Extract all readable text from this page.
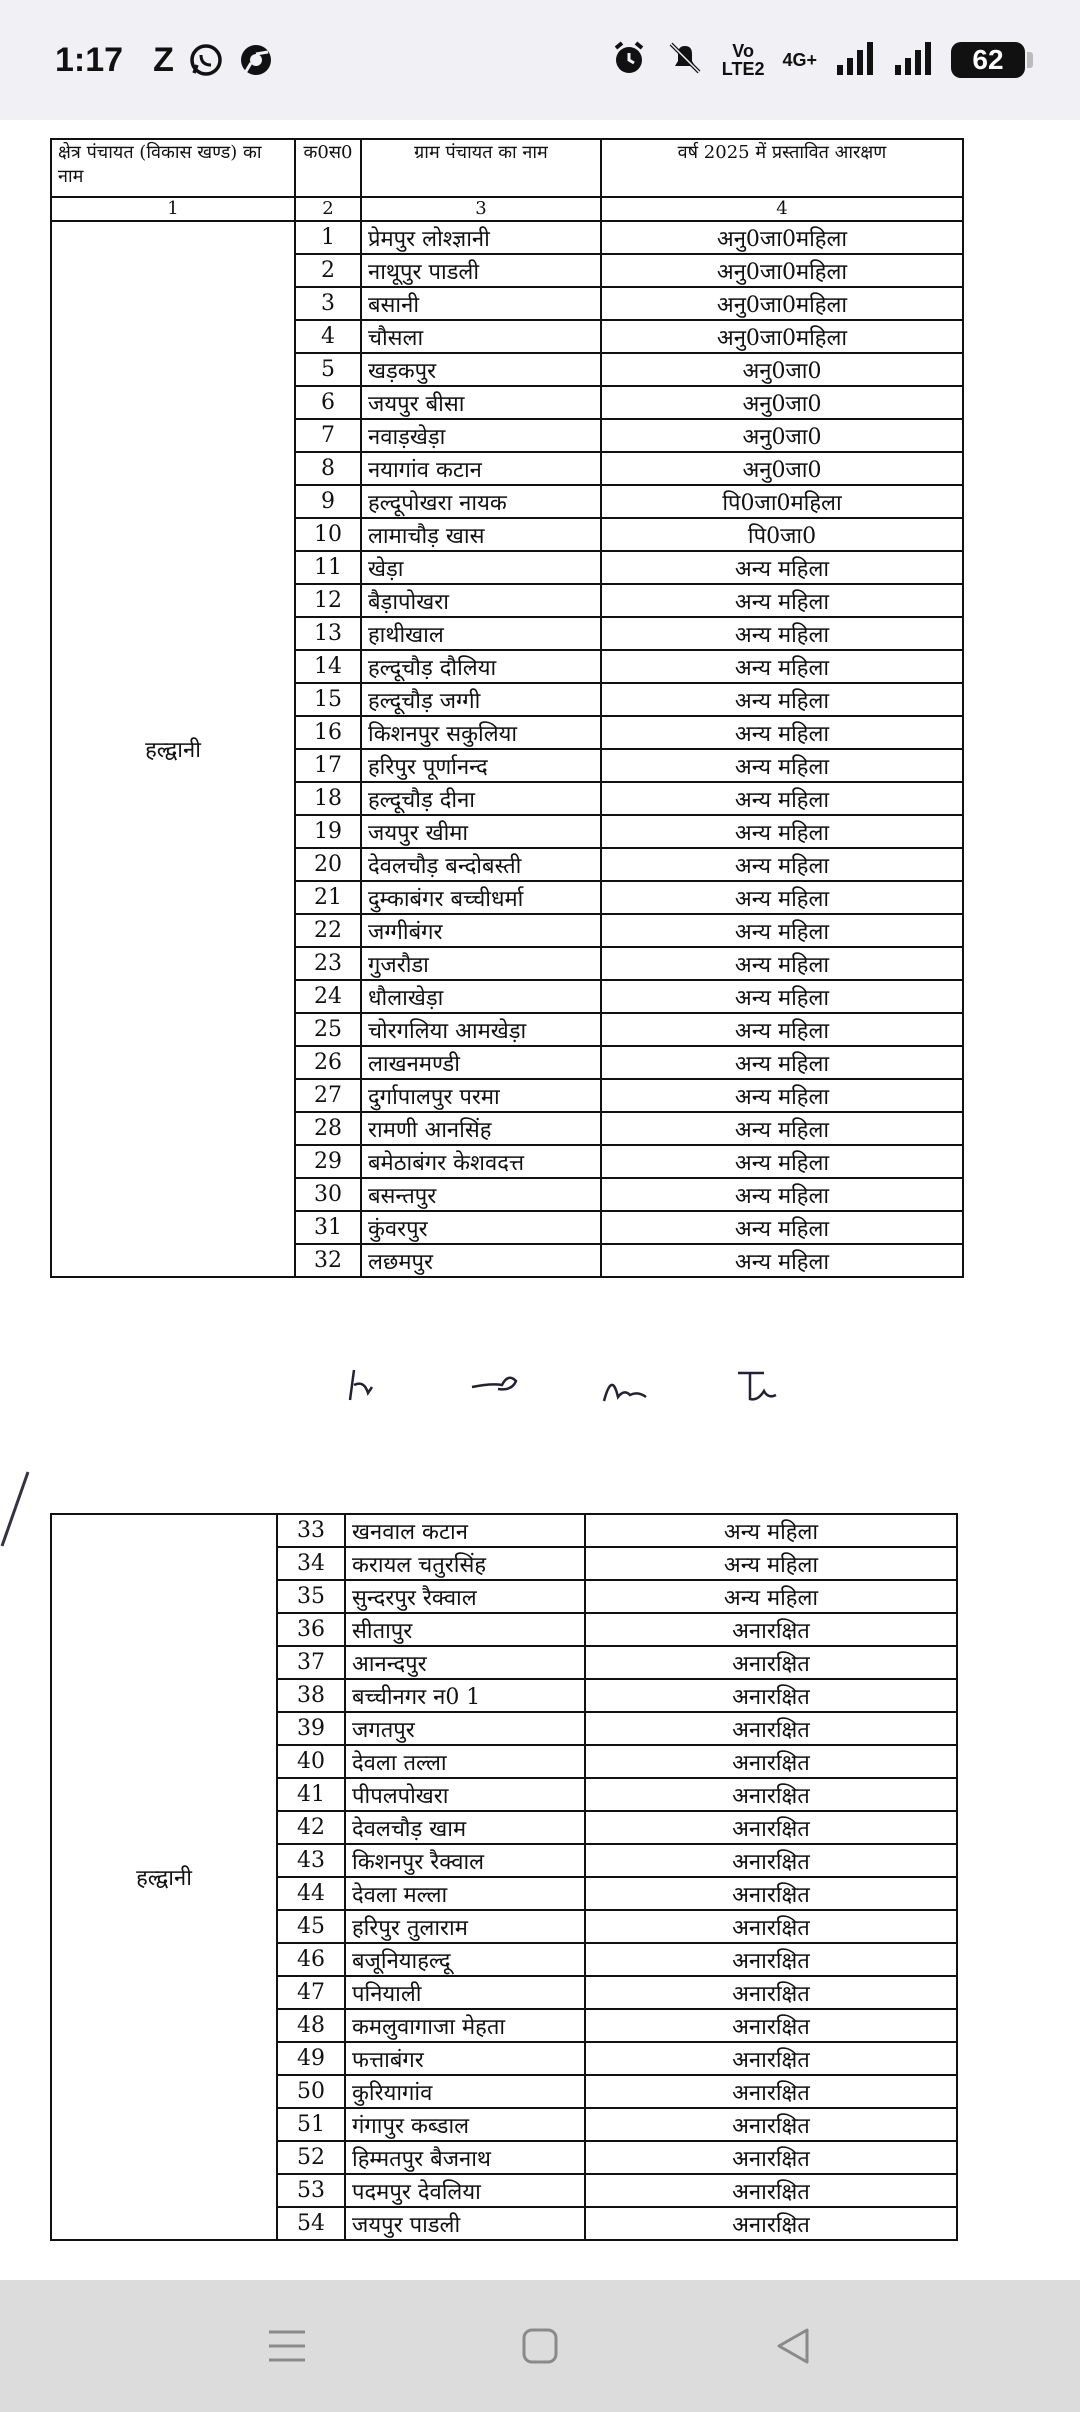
1:17 Z	Vo
LTE2 4G+	62
क्षेत्र पंचायत (विकास खण्ड) का नाम	क0स0	ग्राम पंचायत का नाम	वर्ष 2025 में प्रस्तावित आरक्षण
1	2	3	4
हल्द्वानी	1	प्रेमपुर लोश्ज्ञानी	अनु0जा0महिला
	2	नाथूपुर पाडली	अनु0जा0महिला
	3	बसानी	अनु0जा0महिला
	4	चौसला	अनु0जा0महिला
	5	खड़कपुर	अनु0जा0
	6	जयपुर बीसा	अनु0जा0
	7	नवाड़खेड़ा	अनु0जा0
	8	नयागांव कटान	अनु0जा0
	9	हल्दूपोखरा नायक	पि0जा0महिला
	10	लामाचौड़ खास	पि0जा0
	11	खेड़ा	अन्य महिला
	12	बैड़ापोखरा	अन्य महिला
	13	हाथीखाल	अन्य महिला
	14	हल्दूचौड़ दौलिया	अन्य महिला
	15	हल्दूचौड़ जग्गी	अन्य महिला
	16	किशनपुर सकुलिया	अन्य महिला
	17	हरिपुर पूर्णानन्द	अन्य महिला
	18	हल्दूचौड़ दीना	अन्य महिला
	19	जयपुर खीमा	अन्य महिला
	20	देवलचौड़ बन्दोबस्ती	अन्य महिला
	21	दुम्काबंगर बच्चीधर्मा	अन्य महिला
	22	जग्गीबंगर	अन्य महिला
	23	गुजरौडा	अन्य महिला
	24	धौलाखेड़ा	अन्य महिला
	25	चोरगलिया आमखेड़ा	अन्य महिला
	26	लाखनमण्डी	अन्य महिला
	27	दुर्गापालपुर परमा	अन्य महिला
	28	रामणी आनसिंह	अन्य महिला
	29	बमेठाबंगर केशवदत्त	अन्य महिला
	30	बसन्तपुर	अन्य महिला
	31	कुंवरपुर	अन्य महिला
	32	लछमपुर	अन्य महिला
हल्द्वानी	33	खनवाल कटान	अन्य महिला
	34	करायल चतुरसिंह	अन्य महिला
	35	सुन्दरपुर रैक्वाल	अन्य महिला
	36	सीतापुर	अनारक्षित
	37	आनन्दपुर	अनारक्षित
	38	बच्चीनगर न0 1	अनारक्षित
	39	जगतपुर	अनारक्षित
	40	देवला तल्ला	अनारक्षित
	41	पीपलपोखरा	अनारक्षित
	42	देवलचौड़ खाम	अनारक्षित
	43	किशनपुर रैक्वाल	अनारक्षित
	44	देवला मल्ला	अनारक्षित
	45	हरिपुर तुलाराम	अनारक्षित
	46	बजूनियाहल्दू	अनारक्षित
	47	पनियाली	अनारक्षित
	48	कमलुवागाजा मेहता	अनारक्षित
	49	फत्ताबंगर	अनारक्षित
	50	कुरियागांव	अनारक्षित
	51	गंगापुर कब्डाल	अनारक्षित
	52	हिम्मतपुर बैजनाथ	अनारक्षित
	53	पदमपुर देवलिया	अनारक्षित
	54	जयपुर पाडली	अनारक्षित
